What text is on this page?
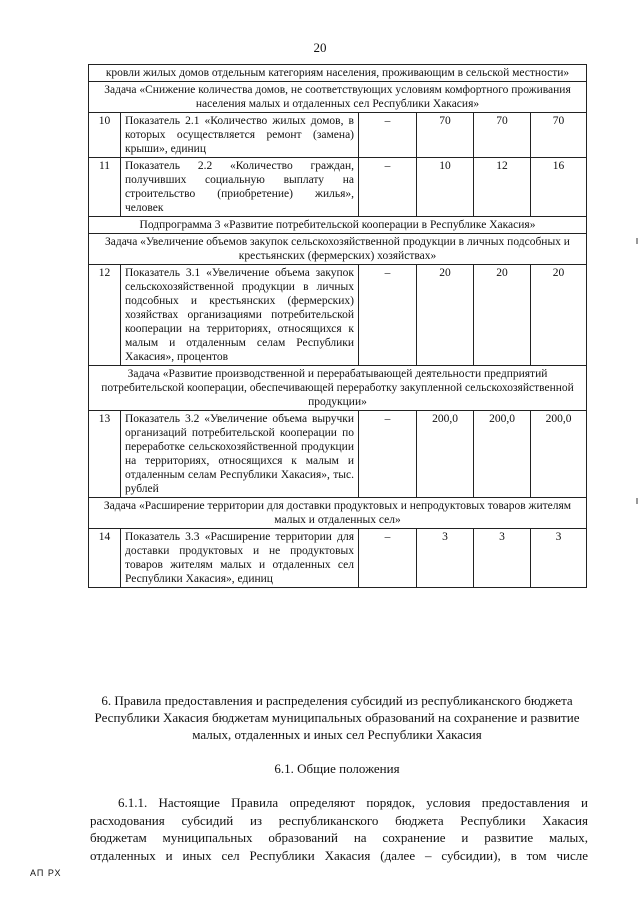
20
кровли жилых домов отдельным категориям населения, проживающим в сельской местности»					
Задача «Снижение количества домов, не соответствующих условиям комфортного проживания населения малых и отдаленных сел Республики Хакасия»					
10	Показатель 2.1 «Количество жилых домов, в которых осуществляется ремонт (замена) крыши», единиц	–	70	70	70
11	Показатель 2.2 «Количество граждан, получивших социальную выплату на строительство (приобретение) жилья», человек	–	10	12	16
Подпрограмма 3 «Развитие потребительской кооперации в Республике Хакасия»					
Задача «Увеличение объемов закупок сельскохозяйственной продукции в личных подсобных и крестьянских (фермерских) хозяйствах»					
12	Показатель 3.1 «Увеличение объема закупок сельскохозяйственной продукции в личных подсобных и крестьянских (фермерских) хозяйствах организациями потребительской кооперации на территориях, относящихся к малым и отдаленным селам Республики Хакасия», процентов	–	20	20	20
Задача «Развитие производственной и перерабатывающей деятельности предприятий потребительской кооперации, обеспечивающей переработку закупленной сельскохозяйственной продукции»					
13	Показатель 3.2 «Увеличение объема выручки организаций потребительской кооперации по переработке сельскохозяйственной продукции на территориях, относящихся к малым и отдаленным селам Республики Хакасия», тыс. рублей	–	200,0	200,0	200,0
Задача «Расширение территории для доставки продуктовых и непродуктовых товаров жителям малых и отдаленных сел»					
14	Показатель 3.3 «Расширение территории для доставки продуктовых и не продуктовых товаров жителям малых и отдаленных сел Республики Хакасия», единиц	–	3	3	3
6. Правила предоставления и распределения субсидий из республиканского бюджета Республики Хакасия бюджетам муниципальных образований на сохранение и развитие малых, отдаленных и иных сел Республики Хакасия
6.1. Общие положения
6.1.1. Настоящие Правила определяют порядок, условия предоставления и
расходования субсидий из республиканского бюджета Республики Хакасия
бюджетам муниципальных образований на сохранение и развитие малых,
отдаленных и иных сел Республики Хакасия (далее – субсидии), в том числе
АП РХ
